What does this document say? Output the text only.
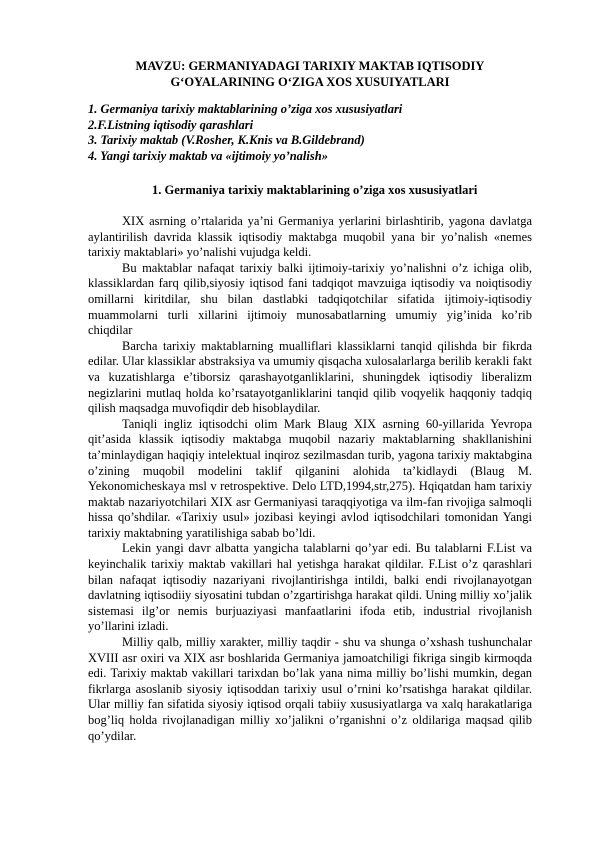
MAVZU: GERMANIYADAGI TARIXIY MAKTAB IQTISODIY
G‘OYALARINING O‘ZIGA XOS XUSUIYATLARI

1. Germaniya tarixiy maktablarining o’ziga xos xususiyatlari
2.F.Listning iqtisodiy qarashlari
3. Tarixiy maktab (V.Rosher, K.Knis va B.Gildebrand)
4. Yangi tarixiy maktab va «ijtimoiy yo’nalish»
1. Germaniya tarixiy maktablarining o’ziga xos xususiyatlari

XIX asrning o’rtalarida ya’ni Germaniya yerlarini birlashtirib, yagona davlatga aylantirilish davrida klassik iqtisodiy maktabga muqobil yana bir yo’nalish «nemes tarixiy maktablari» yo’nalishi vujudga keldi.

Bu maktablar nafaqat tarixiy balki ijtimoiy-tarixiy yo’nalishni o’z ichiga olib, klassiklardan farq qilib,siyosiy iqtisod fani tadqiqot mavzuiga iqtisodiy va noiqtisodiy omillarni kiritdilar, shu bilan dastlabki tadqiqotchilar sifatida ijtimoiy-iqtisodiy muammolarni turli xillarini ijtimoiy munosabatlarning umumiy yig’inida ko’rib chiqdilar

Barcha tarixiy maktablarning mualliflari klassiklarni tanqid qilishda bir fikrda edilar. Ular klassiklar abstraksiya va umumiy qisqacha xulosalarlarga berilib kerakli fakt va kuzatishlarga e’tiborsiz qarashayotganliklarini, shuningdek iqtisodiy liberalizm negizlarini mutlaq holda ko’rsatayotganliklarini tanqid qilib voqyelik haqqoniy tadqiq qilish maqsadga muvofiqdir deb hisoblaydilar.

Taniqli ingliz iqtisodchi olim Mark Blaug XIX asrning 60-yillarida Yevropa qit’asida klassik iqtisodiy maktabga muqobil nazariy maktablarning shakllanishini ta’minlaydigan haqiqiy intelektual inqiroz sezilmasdan turib, yagona tarixiy maktabgina o’zining muqobil modelini taklif qilganini alohida ta’kidlaydi (Blaug M. Yekonomicheskaya msl v retrospektive. Delo LTD,1994,str,275). Hqiqatdan ham tarixiy maktab nazariyotchilari XIX asr Germaniyasi taraqqiyotiga va ilm-fan rivojiga salmoqli hissa qo’shdilar. «Tarixiy usul» jozibasi keyingi avlod iqtisodchilari tomonidan Yangi tarixiy maktabning yaratilishiga sabab bo’ldi.

Lekin yangi davr albatta yangicha talablarni qo’yar edi. Bu talablarni F.List va keyinchalik tarixiy maktab vakillari hal yetishga harakat qildilar. F.List o’z qarashlari bilan nafaqat iqtisodiy nazariyani rivojlantirishga intildi, balki endi rivojlanayotgan davlatning iqtisodiiy siyosatini tubdan o’zgartirishga harakat qildi. Uning milliy xo’jalik sistemasi ilg’or nemis burjuaziyasi manfaatlarini ifoda etib, industrial rivojlanish yo’llarini izladi.

Milliy qalb, milliy xarakter, milliy taqdir - shu va shunga o’xshash tushunchalar XVIII asr oxiri va XIX asr boshlarida Germaniya jamoatchiligi fikriga singib kirmoqda edi. Tarixiy maktab vakillari tarixdan bo’lak yana nima milliy bo’lishi mumkin, degan fikrlarga asoslanib siyosiy iqtisoddan tarixiy usul o’rnini ko’rsatishga harakat qildilar. Ular milliy fan sifatida siyosiy iqtisod orqali tabiiy xususiyatlarga va xalq harakatlariga bog’liq holda rivojlanadigan milliy xo’jalikni o’rganishni o’z oldilariga maqsad qilib qo’ydilar.
